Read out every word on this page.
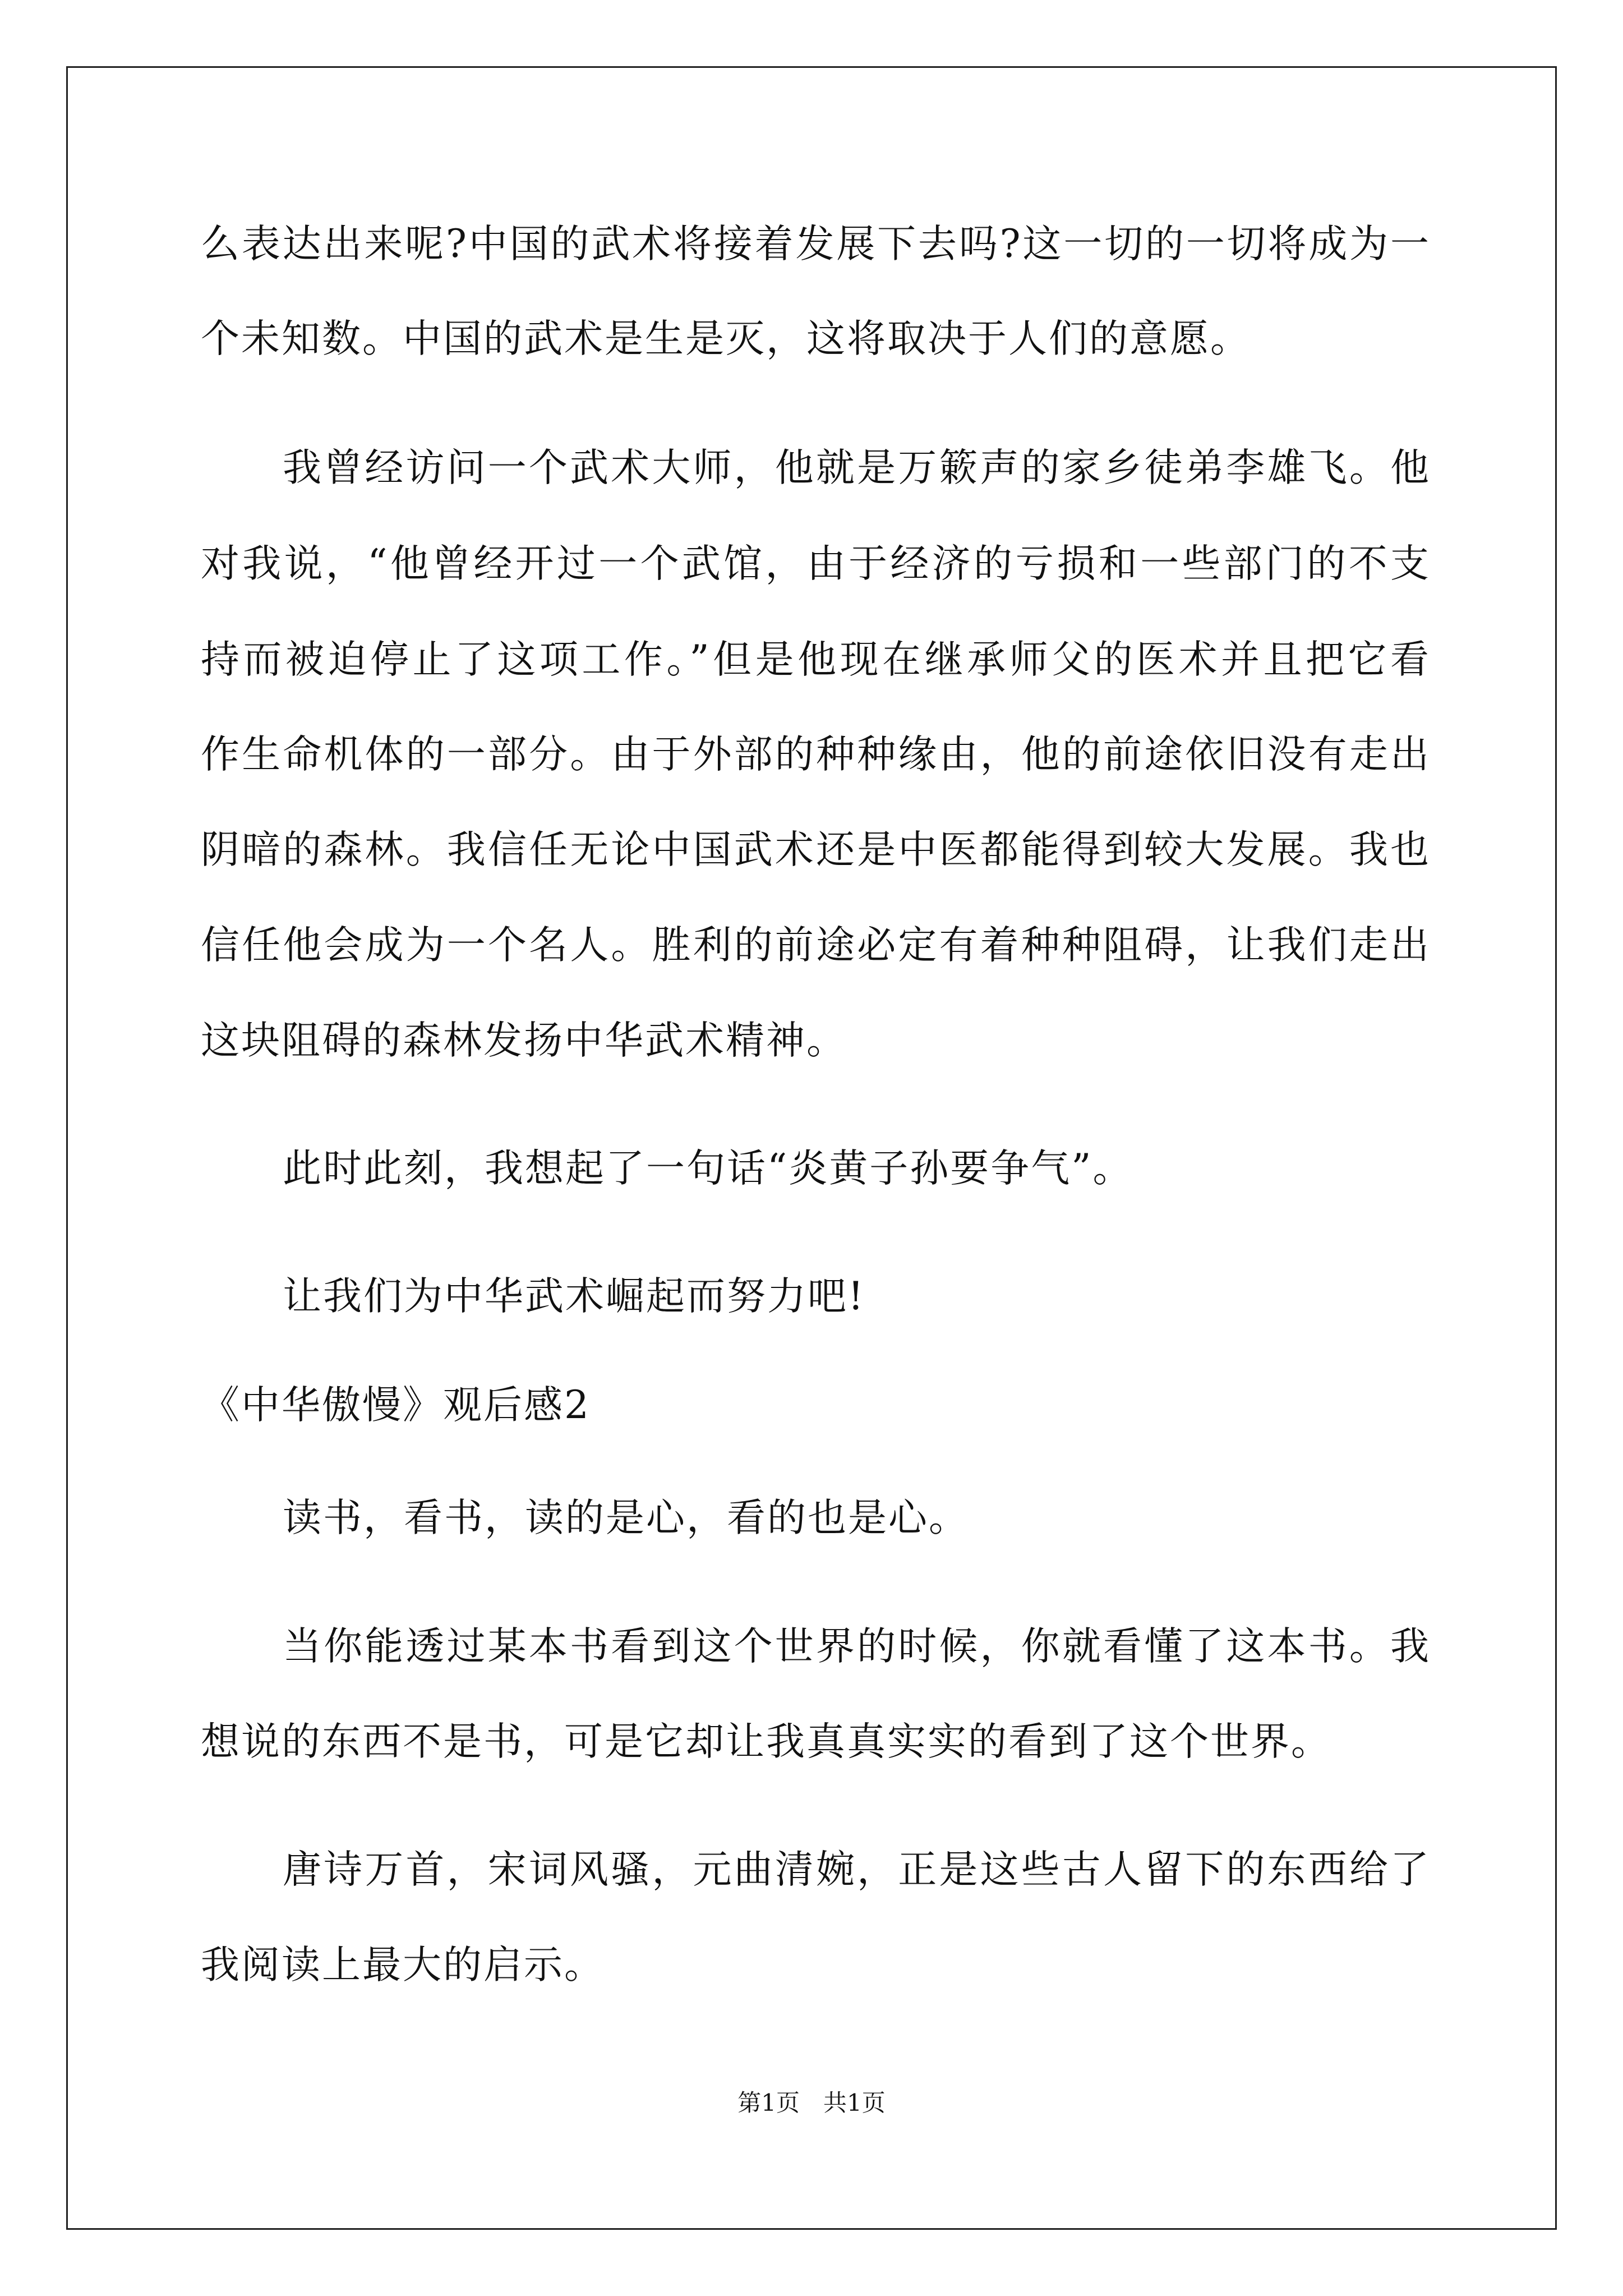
么表达出来呢?中国的武术将接着发展下去吗?这一切的一切将成为一
个未知数。中国的武术是生是灭，这将取决于人们的意愿。
我曾经访问一个武术大师，他就是万簌声的家乡徒弟李雄飞。他
对我说，“他曾经开过一个武馆，由于经济的亏损和一些部门的不支
持而被迫停止了这项工作。”但是他现在继承师父的医术并且把它看
作生命机体的一部分。由于外部的种种缘由，他的前途依旧没有走出
阴暗的森林。我信任无论中国武术还是中医都能得到较大发展。我也
信任他会成为一个名人。胜利的前途必定有着种种阻碍，让我们走出
这块阻碍的森林发扬中华武术精神。
此时此刻，我想起了一句话“炎黄子孙要争气”。
让我们为中华武术崛起而努力吧!
《中华傲慢》观后感2
读书，看书，读的是心，看的也是心。
当你能透过某本书看到这个世界的时候，你就看懂了这本书。我
想说的东西不是书，可是它却让我真真实实的看到了这个世界。
唐诗万首，宋词风骚，元曲清婉，正是这些古人留下的东西给了
我阅读上最大的启示。
第1页　共1页
